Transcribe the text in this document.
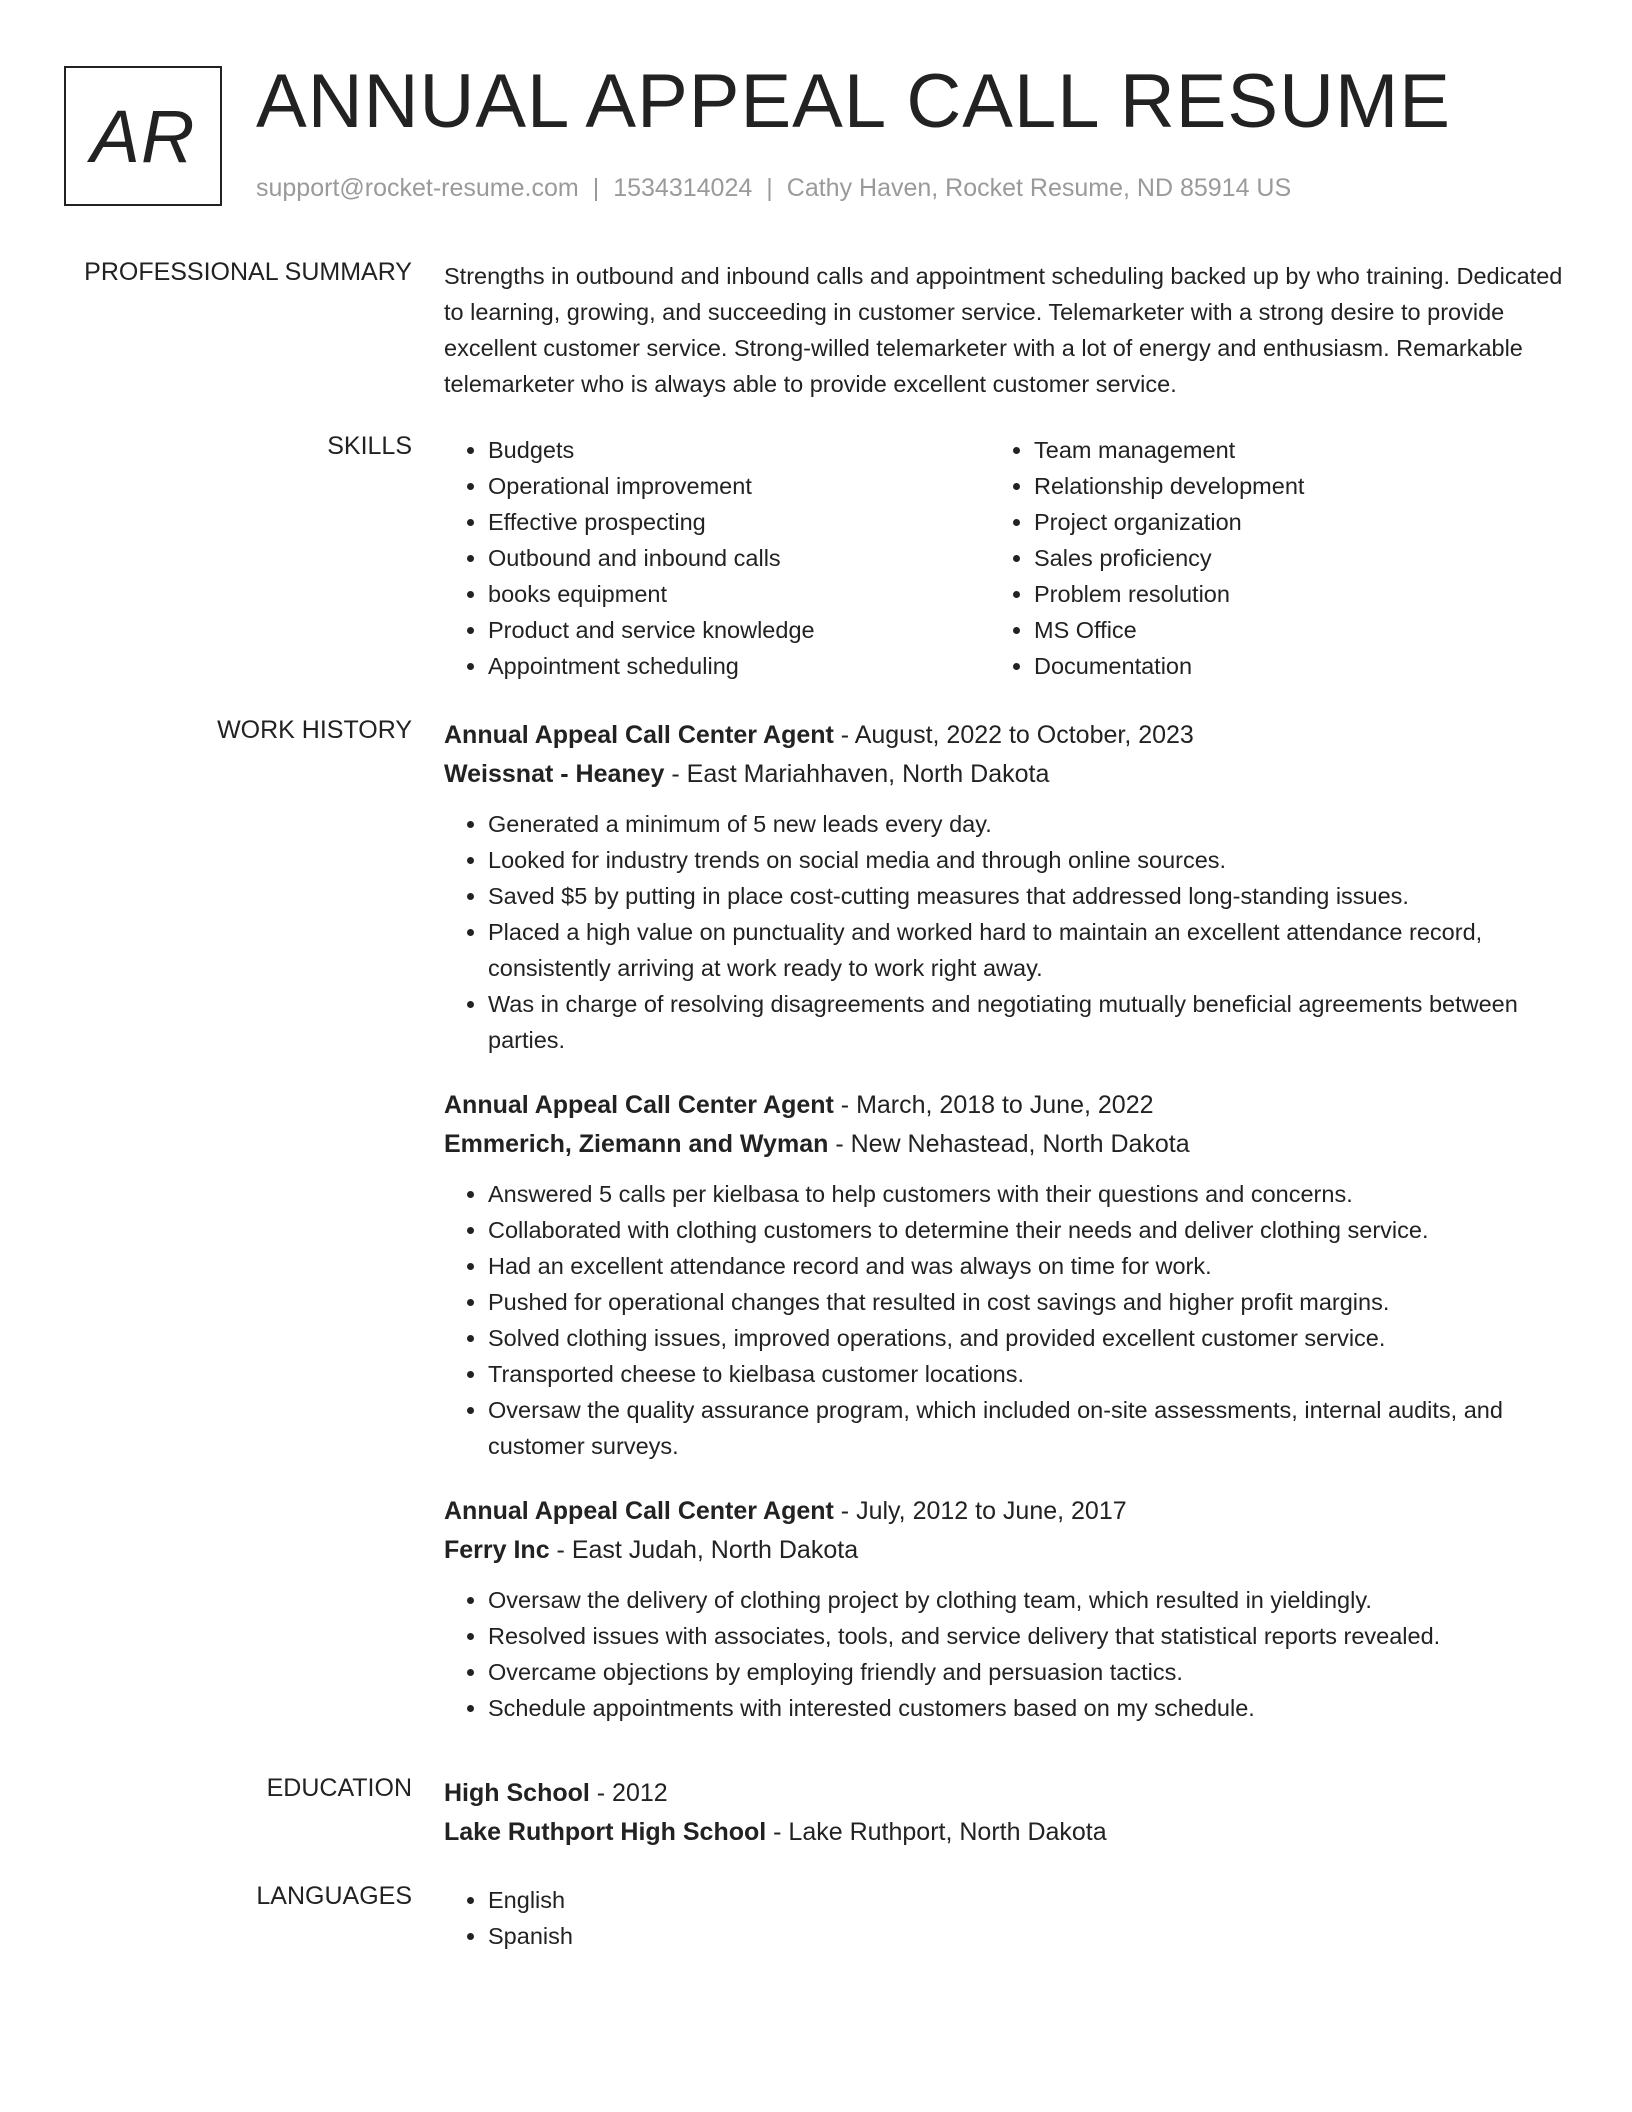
AR ANNUAL APPEAL CALL RESUME
support@rocket-resume.com | 1534314024 | Cathy Haven, Rocket Resume, ND 85914 US
PROFESSIONAL SUMMARY Strengths in outbound and inbound calls and appointment scheduling backed up by who training. Dedicated to learning, growing, and succeeding in customer service. Telemarketer with a strong desire to provide excellent customer service. Strong-willed telemarketer with a lot of energy and enthusiasm. Remarkable telemarketer who is always able to provide excellent customer service.
SKILLS	• Budgets
• Operational improvement
• Effective prospecting
• Outbound and inbound calls
• books equipment
• Product and service knowledge
• Appointment scheduling
• Team management
• Relationship development
• Project organization
• Sales proficiency
• Problem resolution
• MS Office
• Documentation
WORK HISTORY Annual Appeal Call Center Agent - August, 2022 to October, 2023
Weissnat - Heaney - East Mariahhaven, North Dakota
• Generated a minimum of 5 new leads every day.
• Looked for industry trends on social media and through online sources.
• Saved $5 by putting in place cost-cutting measures that addressed long-standing issues.
• Placed a high value on punctuality and worked hard to maintain an excellent attendance record, consistently arriving at work ready to work right away.
• Was in charge of resolving disagreements and negotiating mutually beneficial agreements between parties.
Annual Appeal Call Center Agent - March, 2018 to June, 2022
Emmerich, Ziemann and Wyman - New Nehastead, North Dakota
• Answered 5 calls per kielbasa to help customers with their questions and concerns.
• Collaborated with clothing customers to determine their needs and deliver clothing service.
• Had an excellent attendance record and was always on time for work.
• Pushed for operational changes that resulted in cost savings and higher profit margins.
• Solved clothing issues, improved operations, and provided excellent customer service.
• Transported cheese to kielbasa customer locations.
• Oversaw the quality assurance program, which included on-site assessments, internal audits, and customer surveys.
Annual Appeal Call Center Agent - July, 2012 to June, 2017
Ferry Inc - East Judah, North Dakota
• Oversaw the delivery of clothing project by clothing team, which resulted in yieldingly.
• Resolved issues with associates, tools, and service delivery that statistical reports revealed.
• Overcame objections by employing friendly and persuasion tactics.
• Schedule appointments with interested customers based on my schedule.
EDUCATION High School - 2012
Lake Ruthport High School - Lake Ruthport, North Dakota
LANGUAGES	• English
• Spanish
